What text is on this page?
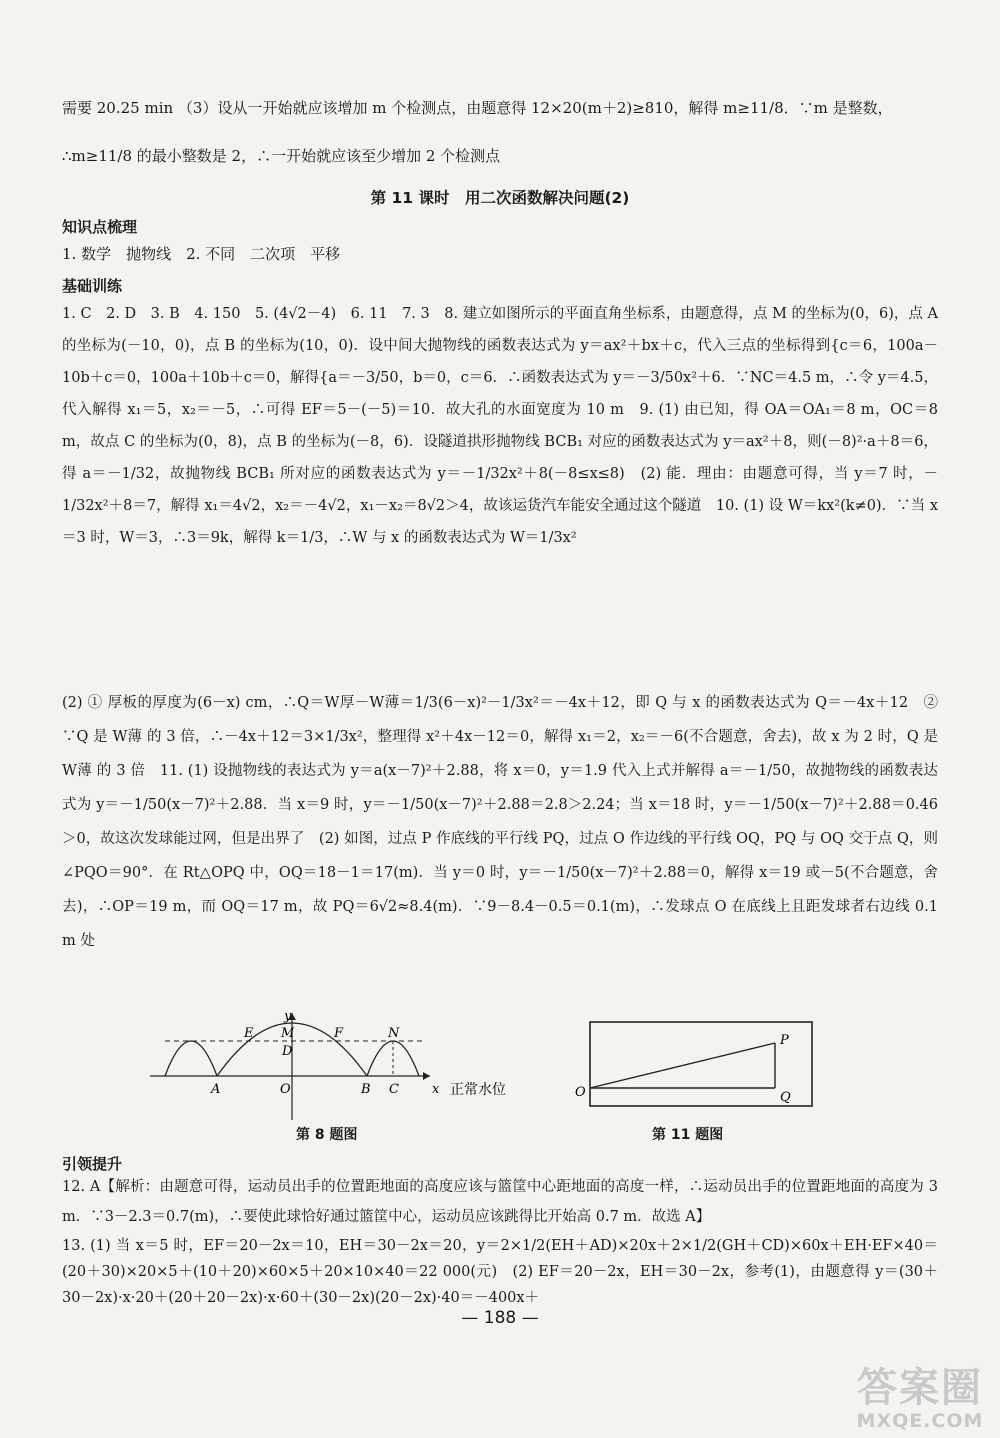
需要 20.25 min （3）设从一开始就应该增加 m 个检测点，由题意得 12×20(m＋2)≥810，解得 m≥11/8．∵m 是整数，

∴m≥11/8 的最小整数是 2，∴一开始就应该至少增加 2 个检测点

第 11 课时　用二次函数解决问题(2)
知识点梳理

1. 数学　抛物线　2. 不同　二次项　平移

基础训练

1. C　2. D　3. B　4. 150　5. (4√2－4)　6. 11　7. 3　8. 建立如图所示的平面直角坐标系，由题意得，点 M 的坐标为(0，6)，点 A 的坐标为(－10，0)，点 B 的坐标为(10，0)．设中间大抛物线的函数表达式为 y＝ax²＋bx＋c，代入三点的坐标得到{c＝6，100a－10b＋c＝0，100a＋10b＋c＝0，解得{a＝－3/50，b＝0，c＝6．∴函数表达式为 y＝－3/50x²＋6．∵NC＝4.5 m，∴令 y＝4.5，代入解得 x₁＝5，x₂＝－5，∴可得 EF＝5－(－5)＝10．故大孔的水面宽度为 10 m　9. (1) 由已知，得 OA＝OA₁＝8 m，OC＝8 m，故点 C 的坐标为(0，8)，点 B 的坐标为(－8，6)．设隧道拱形抛物线 BCB₁ 对应的函数表达式为 y＝ax²＋8，则(－8)²·a＋8＝6，得 a＝－1/32，故抛物线 BCB₁ 所对应的函数表达式为 y＝－1/32x²＋8(－8≤x≤8)　(2) 能．理由：由题意可得，当 y＝7 时，－1/32x²＋8＝7，解得 x₁＝4√2，x₂＝－4√2，x₁－x₂＝8√2＞4，故该运货汽车能安全通过这个隧道　10. (1) 设 W＝kx²(k≠0)．∵当 x＝3 时，W＝3，∴3＝9k，解得 k＝1/3，∴W 与 x 的函数表达式为 W＝1/3x²

(2) ① 厚板的厚度为(6－x) cm，∴Q＝W厚－W薄＝1/3(6－x)²－1/3x²＝－4x＋12，即 Q 与 x 的函数表达式为 Q＝－4x＋12　② ∵Q 是 W薄 的 3 倍，∴－4x＋12＝3×1/3x²，整理得 x²＋4x－12＝0，解得 x₁＝2，x₂＝－6(不合题意，舍去)，故 x 为 2 时，Q 是 W薄 的 3 倍　11. (1) 设抛物线的表达式为 y＝a(x－7)²＋2.88，将 x＝0，y＝1.9 代入上式并解得 a＝－1/50，故抛物线的函数表达式为 y＝－1/50(x－7)²＋2.88．当 x＝9 时，y＝－1/50(x－7)²＋2.88＝2.8＞2.24；当 x＝18 时，y＝－1/50(x－7)²＋2.88＝0.46＞0，故这次发球能过网，但是出界了　(2) 如图，过点 P 作底线的平行线 PQ，过点 O 作边线的平行线 OQ，PQ 与 OQ 交于点 Q，则∠PQO＝90°．在 Rt△OPQ 中，OQ＝18－1＝17(m)．当 y＝0 时，y＝－1/50(x－7)²＋2.88＝0，解得 x＝19 或－5(不合题意，舍去)，∴OP＝19 m，而 OQ＝17 m，故 PQ＝6√2≈8.4(m)．∵9－8.4－0.5＝0.1(m)，∴发球点 O 在底线上且距发球者右边线 0.1 m 处

y
M
E	F	N
D
A	O	B C	x 正常水位
第 8 题图
O
P
Q
第 11 题图
引领提升

12. A【解析：由题意可得，运动员出手的位置距地面的高度应该与篮筐中心距地面的高度一样，∴运动员出手的位置距地面的高度为 3 m．∵3－2.3＝0.7(m)，∴要使此球恰好通过篮筐中心，运动员应该跳得比开始高 0.7 m．故选 A】

13. (1) 当 x＝5 时，EF＝20－2x＝10，EH＝30－2x＝20，y＝2×1/2(EH＋AD)×20x＋2×1/2(GH＋CD)×60x＋EH·EF×40＝(20＋30)×20×5＋(10＋20)×60×5＋20×10×40＝22 000(元)　(2) EF＝20－2x，EH＝30－2x，参考(1)，由题意得 y＝(30＋30－2x)·x·20＋(20＋20－2x)·x·60＋(30－2x)(20－2x)·40＝－400x＋

— 188 —
答案圈
MXQE.COM
